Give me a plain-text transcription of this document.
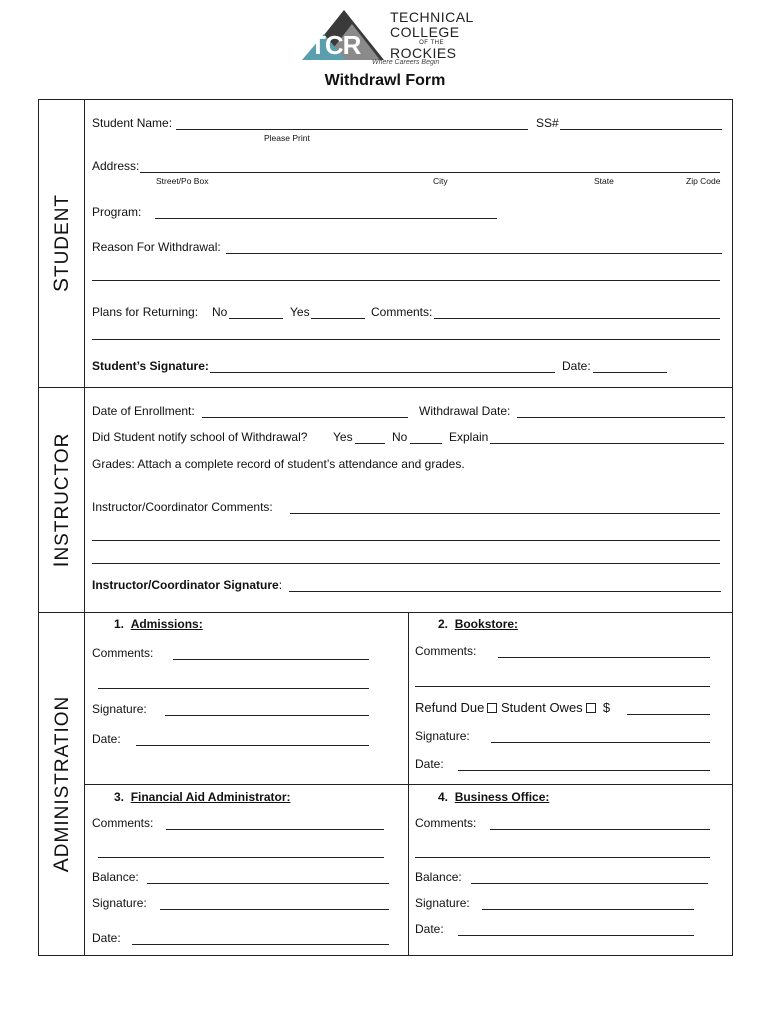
TCR
TECHNICAL
COLLEGE
OF THE
ROCKIES
Where Careers Begin
Withdrawl Form
STUDENT
INSTRUCTOR
ADMINISTRATION
Student Name:
Please Print
SS#
Address:
Street/Po Box	City	State	Zip Code
Program:
Reason For Withdrawal:
Plans for Returning: No	Yes	Comments:
Student’s Signature:	Date:
Date of Enrollment:	Withdrawal Date:
Did Student notify school of Withdrawal? Yes	No	Explain
Grades: Attach a complete record of student’s attendance and grades.
Instructor/Coordinator Comments:
Instructor/Coordinator Signature:
1. Admissions:
Comments:
Signature:
Date:
2. Bookstore:
Comments:
Refund Due Student Owes $
Signature:
Date:
3. Financial Aid Administrator:
Comments:
Balance:
Signature:
Date:
4. Business Office:
Comments:
Balance:
Signature:
Date:
